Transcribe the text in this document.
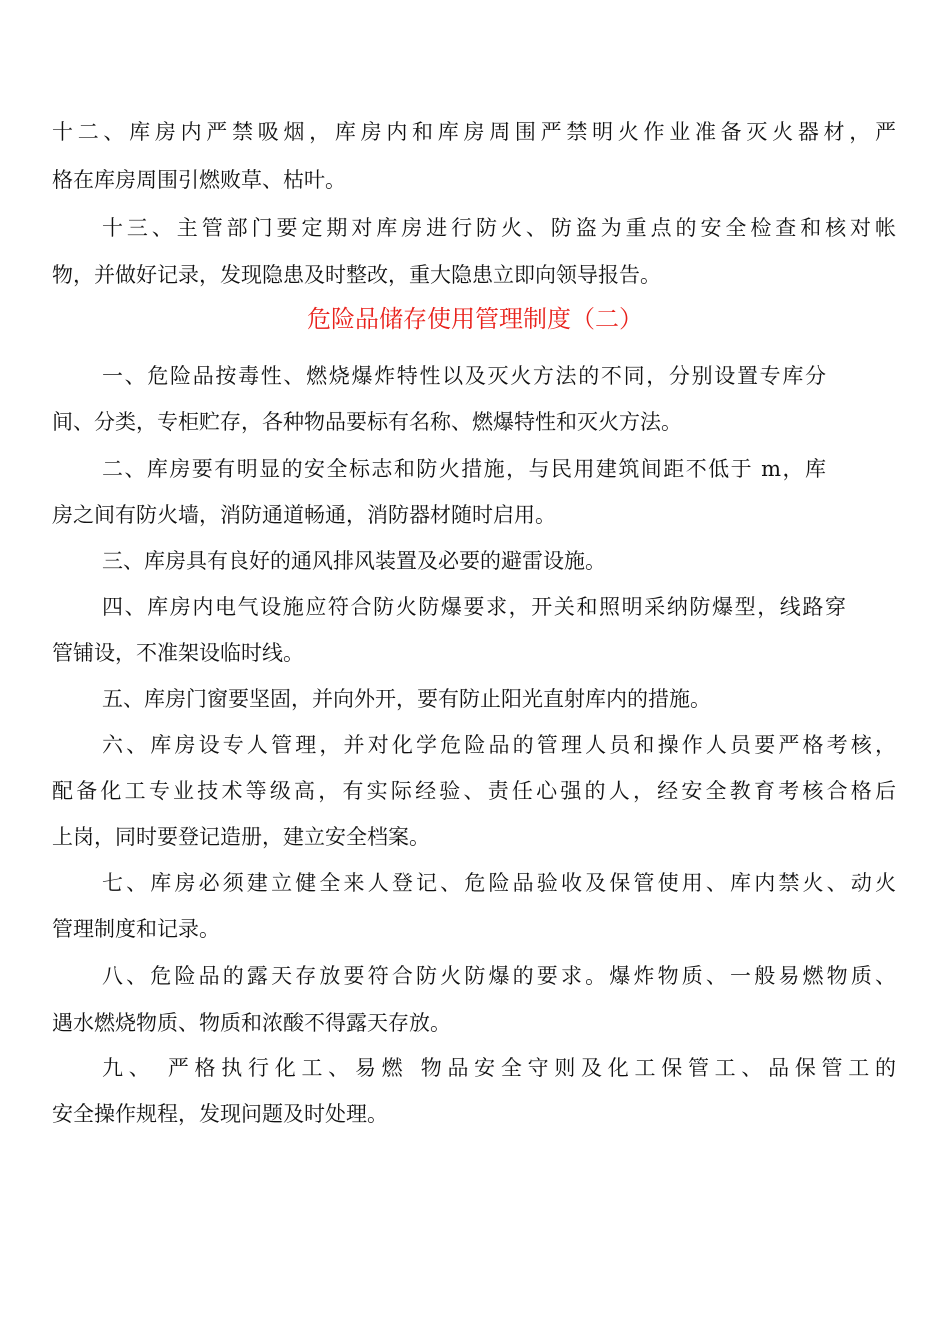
十二、库房内严禁吸烟，库房内和库房周围严禁明火作业准备灭火器材，严
格在库房周围引燃败草、枯叶。
十三、主管部门要定期对库房进行防火、防盗为重点的安全检查和核对帐
物，并做好记录，发现隐患及时整改，重大隐患立即向领导报告。
危险品储存使用管理制度（二）
一、危险品按毒性、燃烧爆炸特性以及灭火方法的不同，分别设置专库分
间、分类，专柜贮存，各种物品要标有名称、燃爆特性和灭火方法。
二、库房要有明显的安全标志和防火措施，与民用建筑间距不低于 m，库
房之间有防火墙，消防通道畅通，消防器材随时启用。
三、库房具有良好的通风排风装置及必要的避雷设施。
四、库房内电气设施应符合防火防爆要求，开关和照明采纳防爆型，线路穿
管铺设，不准架设临时线。
五、库房门窗要坚固，并向外开，要有防止阳光直射库内的措施。
六、库房设专人管理，并对化学危险品的管理人员和操作人员要严格考核，
配备化工专业技术等级高，有实际经验、责任心强的人，经安全教育考核合格后
上岗，同时要登记造册，建立安全档案。
七、库房必须建立健全来人登记、危险品验收及保管使用、库内禁火、动火
管理制度和记录。
八、危险品的露天存放要符合防火防爆的要求。爆炸物质、一般易燃物质、
遇水燃烧物质、物质和浓酸不得露天存放。
九、 严格执行化工、易燃 物品安全守则及化工保管工、品保管工的
安全操作规程，发现问题及时处理。
